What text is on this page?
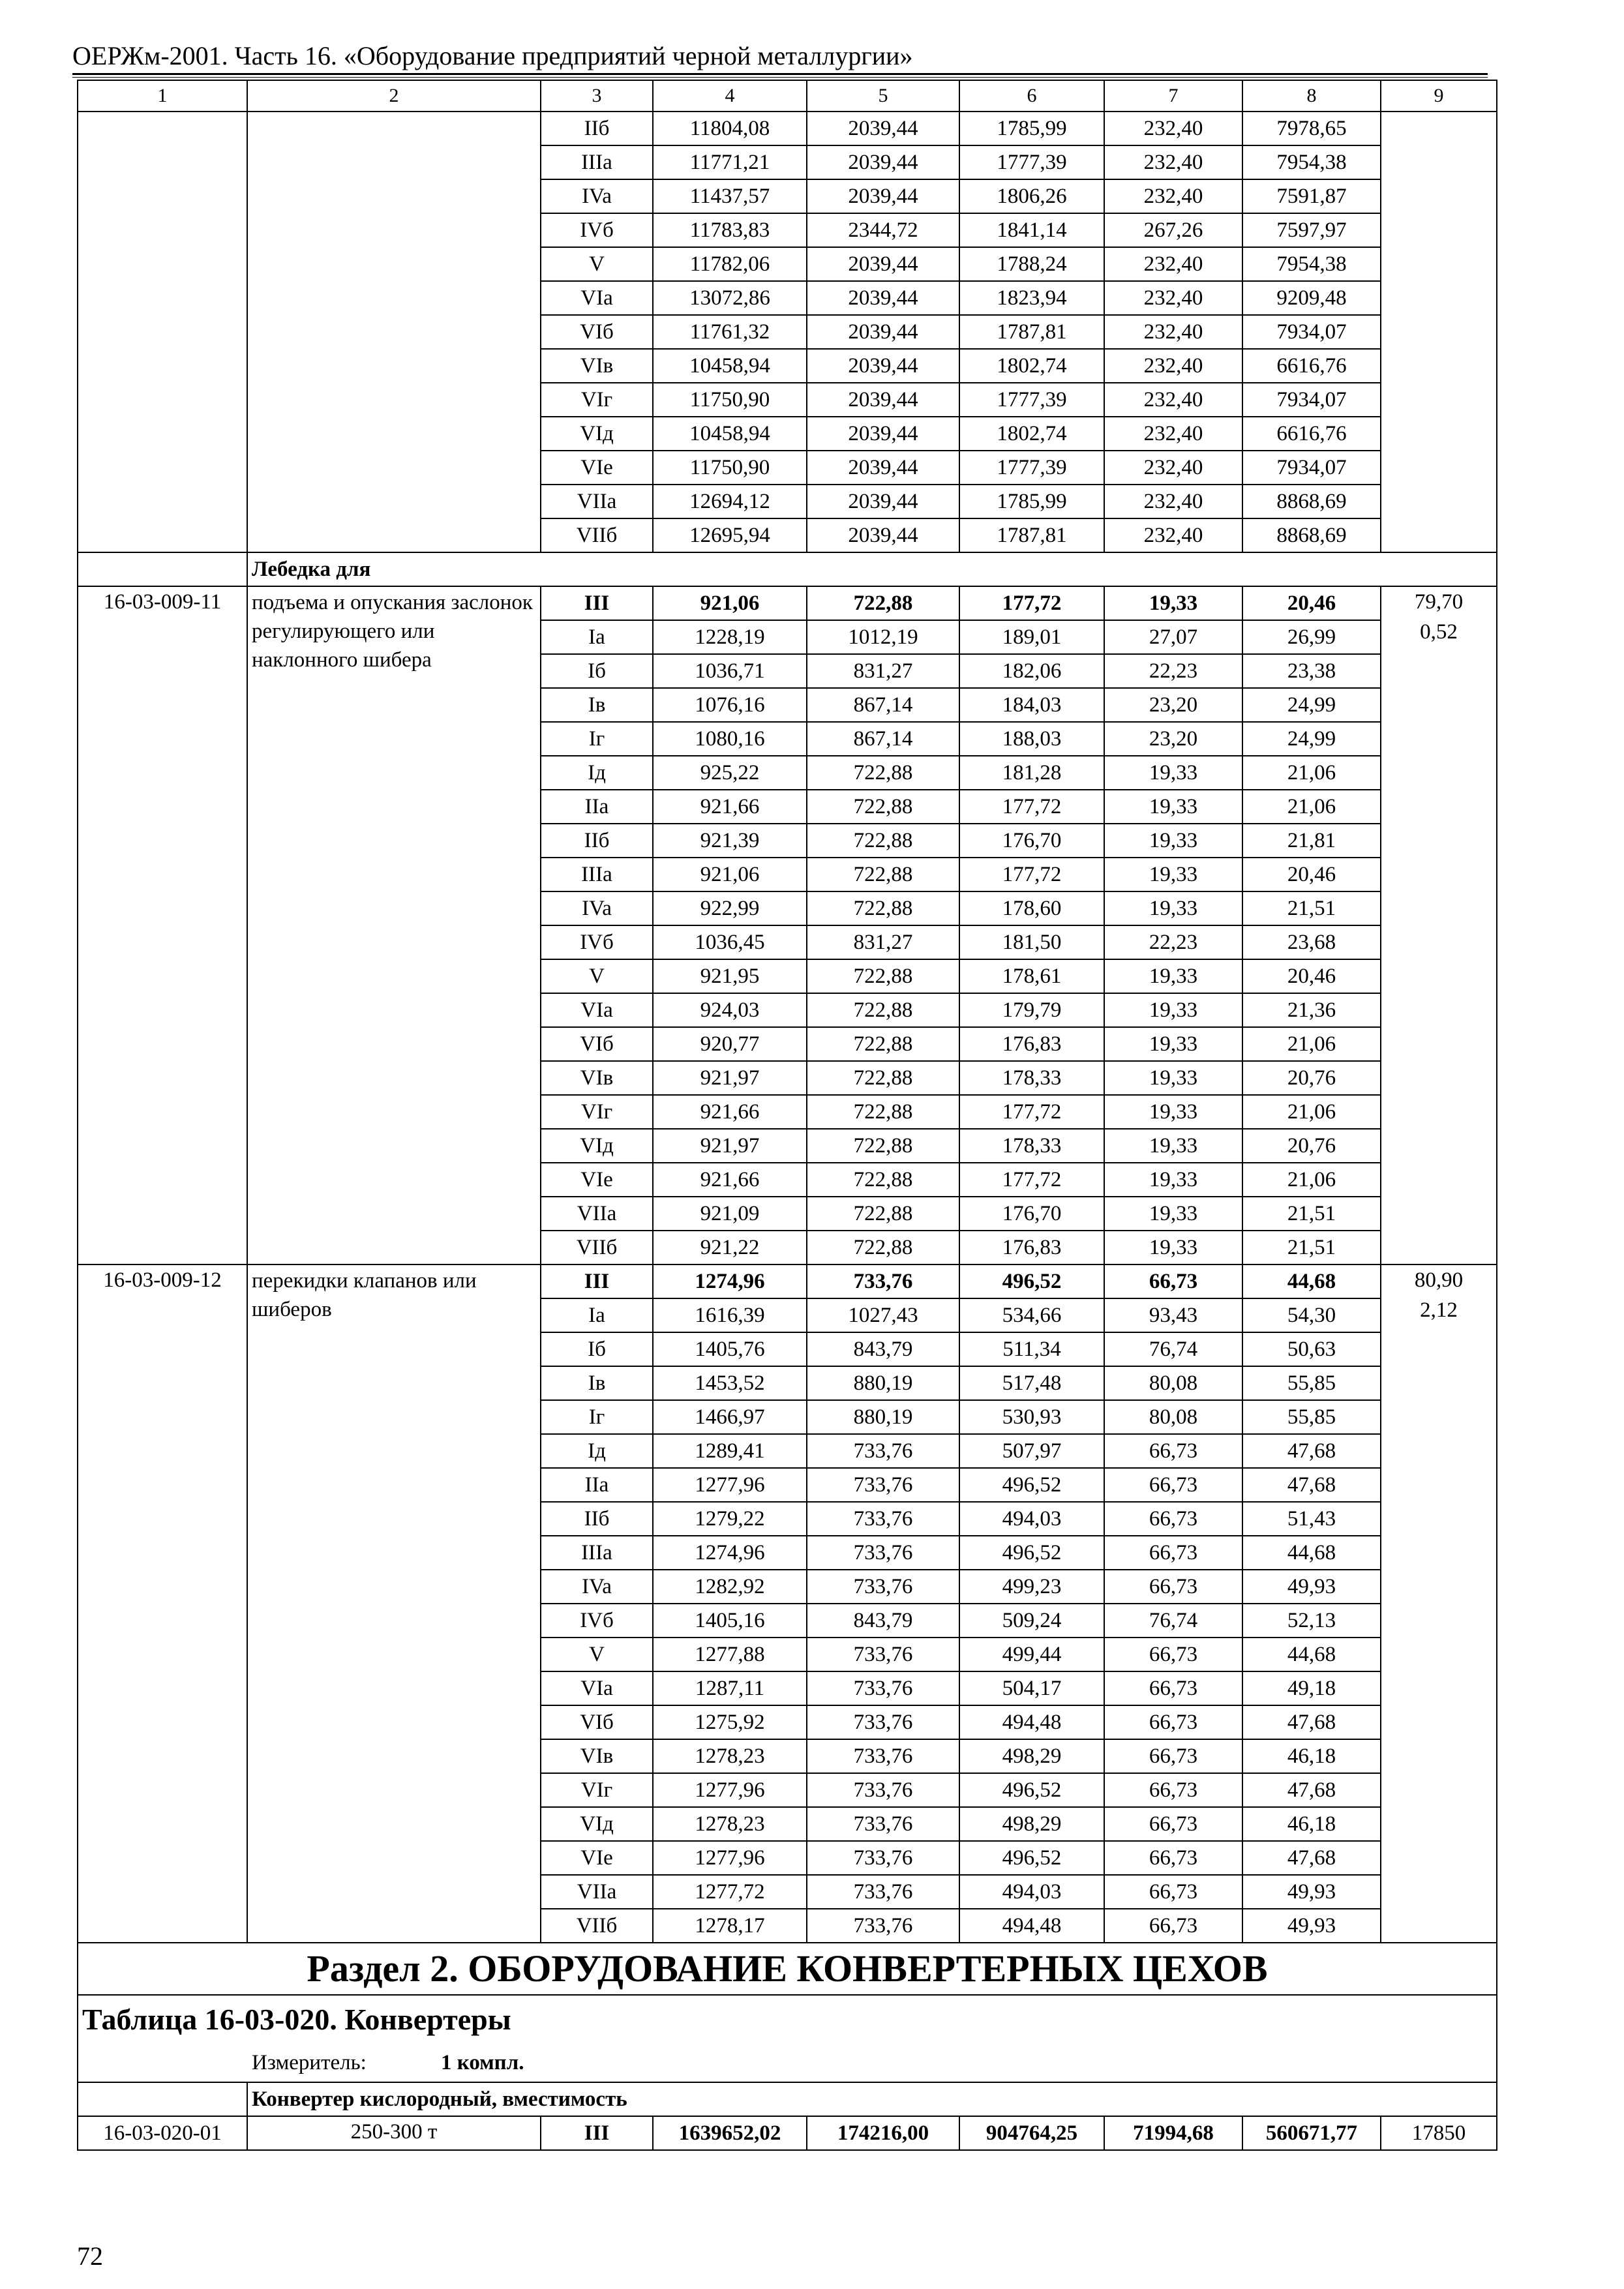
ОЕРЖм-2001. Часть 16. «Оборудование предприятий черной металлургии»
1	2	3	4	5	6	7	8	9
		IIб	11804,08	2039,44	1785,99	232,40	7978,65	
		IIIa	11771,21	2039,44	1777,39	232,40	7954,38	
		IVa	11437,57	2039,44	1806,26	232,40	7591,87	
		IVб	11783,83	2344,72	1841,14	267,26	7597,97	
		V	11782,06	2039,44	1788,24	232,40	7954,38	
		VIa	13072,86	2039,44	1823,94	232,40	9209,48	
		VIб	11761,32	2039,44	1787,81	232,40	7934,07	
		VIв	10458,94	2039,44	1802,74	232,40	6616,76	
		VIг	11750,90	2039,44	1777,39	232,40	7934,07	
		VIд	10458,94	2039,44	1802,74	232,40	6616,76	
		VIe	11750,90	2039,44	1777,39	232,40	7934,07	
		VIIa	12694,12	2039,44	1785,99	232,40	8868,69	
		VIIб	12695,94	2039,44	1787,81	232,40	8868,69	
	Лебедка для							
16-03-009-11	подъема и опускания заслонок регулирующего или наклонного шибера	III	921,06	722,88	177,72	19,33	20,46	79,70
0,52

		Ia	1228,19	1012,19	189,01	27,07	26,99	
		Iб	1036,71	831,27	182,06	22,23	23,38	
		Iв	1076,16	867,14	184,03	23,20	24,99	
		Iг	1080,16	867,14	188,03	23,20	24,99	
		Iд	925,22	722,88	181,28	19,33	21,06	
		IIa	921,66	722,88	177,72	19,33	21,06	
		IIб	921,39	722,88	176,70	19,33	21,81	
		IIIa	921,06	722,88	177,72	19,33	20,46	
		IVa	922,99	722,88	178,60	19,33	21,51	
		IVб	1036,45	831,27	181,50	22,23	23,68	
		V	921,95	722,88	178,61	19,33	20,46	
		VIa	924,03	722,88	179,79	19,33	21,36	
		VIб	920,77	722,88	176,83	19,33	21,06	
		VIв	921,97	722,88	178,33	19,33	20,76	
		VIг	921,66	722,88	177,72	19,33	21,06	
		VIд	921,97	722,88	178,33	19,33	20,76	
		VIe	921,66	722,88	177,72	19,33	21,06	
		VIIa	921,09	722,88	176,70	19,33	21,51	
		VIIб	921,22	722,88	176,83	19,33	21,51	
16-03-009-12	перекидки клапанов или шиберов	III	1274,96	733,76	496,52	66,73	44,68	80,90
2,12

		Ia	1616,39	1027,43	534,66	93,43	54,30	
		Iб	1405,76	843,79	511,34	76,74	50,63	
		Iв	1453,52	880,19	517,48	80,08	55,85	
		Iг	1466,97	880,19	530,93	80,08	55,85	
		Iд	1289,41	733,76	507,97	66,73	47,68	
		IIa	1277,96	733,76	496,52	66,73	47,68	
		IIб	1279,22	733,76	494,03	66,73	51,43	
		IIIa	1274,96	733,76	496,52	66,73	44,68	
		IVa	1282,92	733,76	499,23	66,73	49,93	
		IVб	1405,16	843,79	509,24	76,74	52,13	
		V	1277,88	733,76	499,44	66,73	44,68	
		VIa	1287,11	733,76	504,17	66,73	49,18	
		VIб	1275,92	733,76	494,48	66,73	47,68	
		VIв	1278,23	733,76	498,29	66,73	46,18	
		VIг	1277,96	733,76	496,52	66,73	47,68	
		VIд	1278,23	733,76	498,29	66,73	46,18	
		VIe	1277,96	733,76	496,52	66,73	47,68	
		VIIa	1277,72	733,76	494,03	66,73	49,93	
		VIIб	1278,17	733,76	494,48	66,73	49,93	
Раздел 2. ОБОРУДОВАНИЕ КОНВЕРТЕРНЫХ ЦЕХОВ								
Таблица 16-03-020. Конвертеры								
Измеритель: 1 компл.								
	Конвертер кислородный, вместимость							
16-03-020-01	250-300 т	III	1639652,02	174216,00	904764,25	71994,68	560671,77	17850
72
